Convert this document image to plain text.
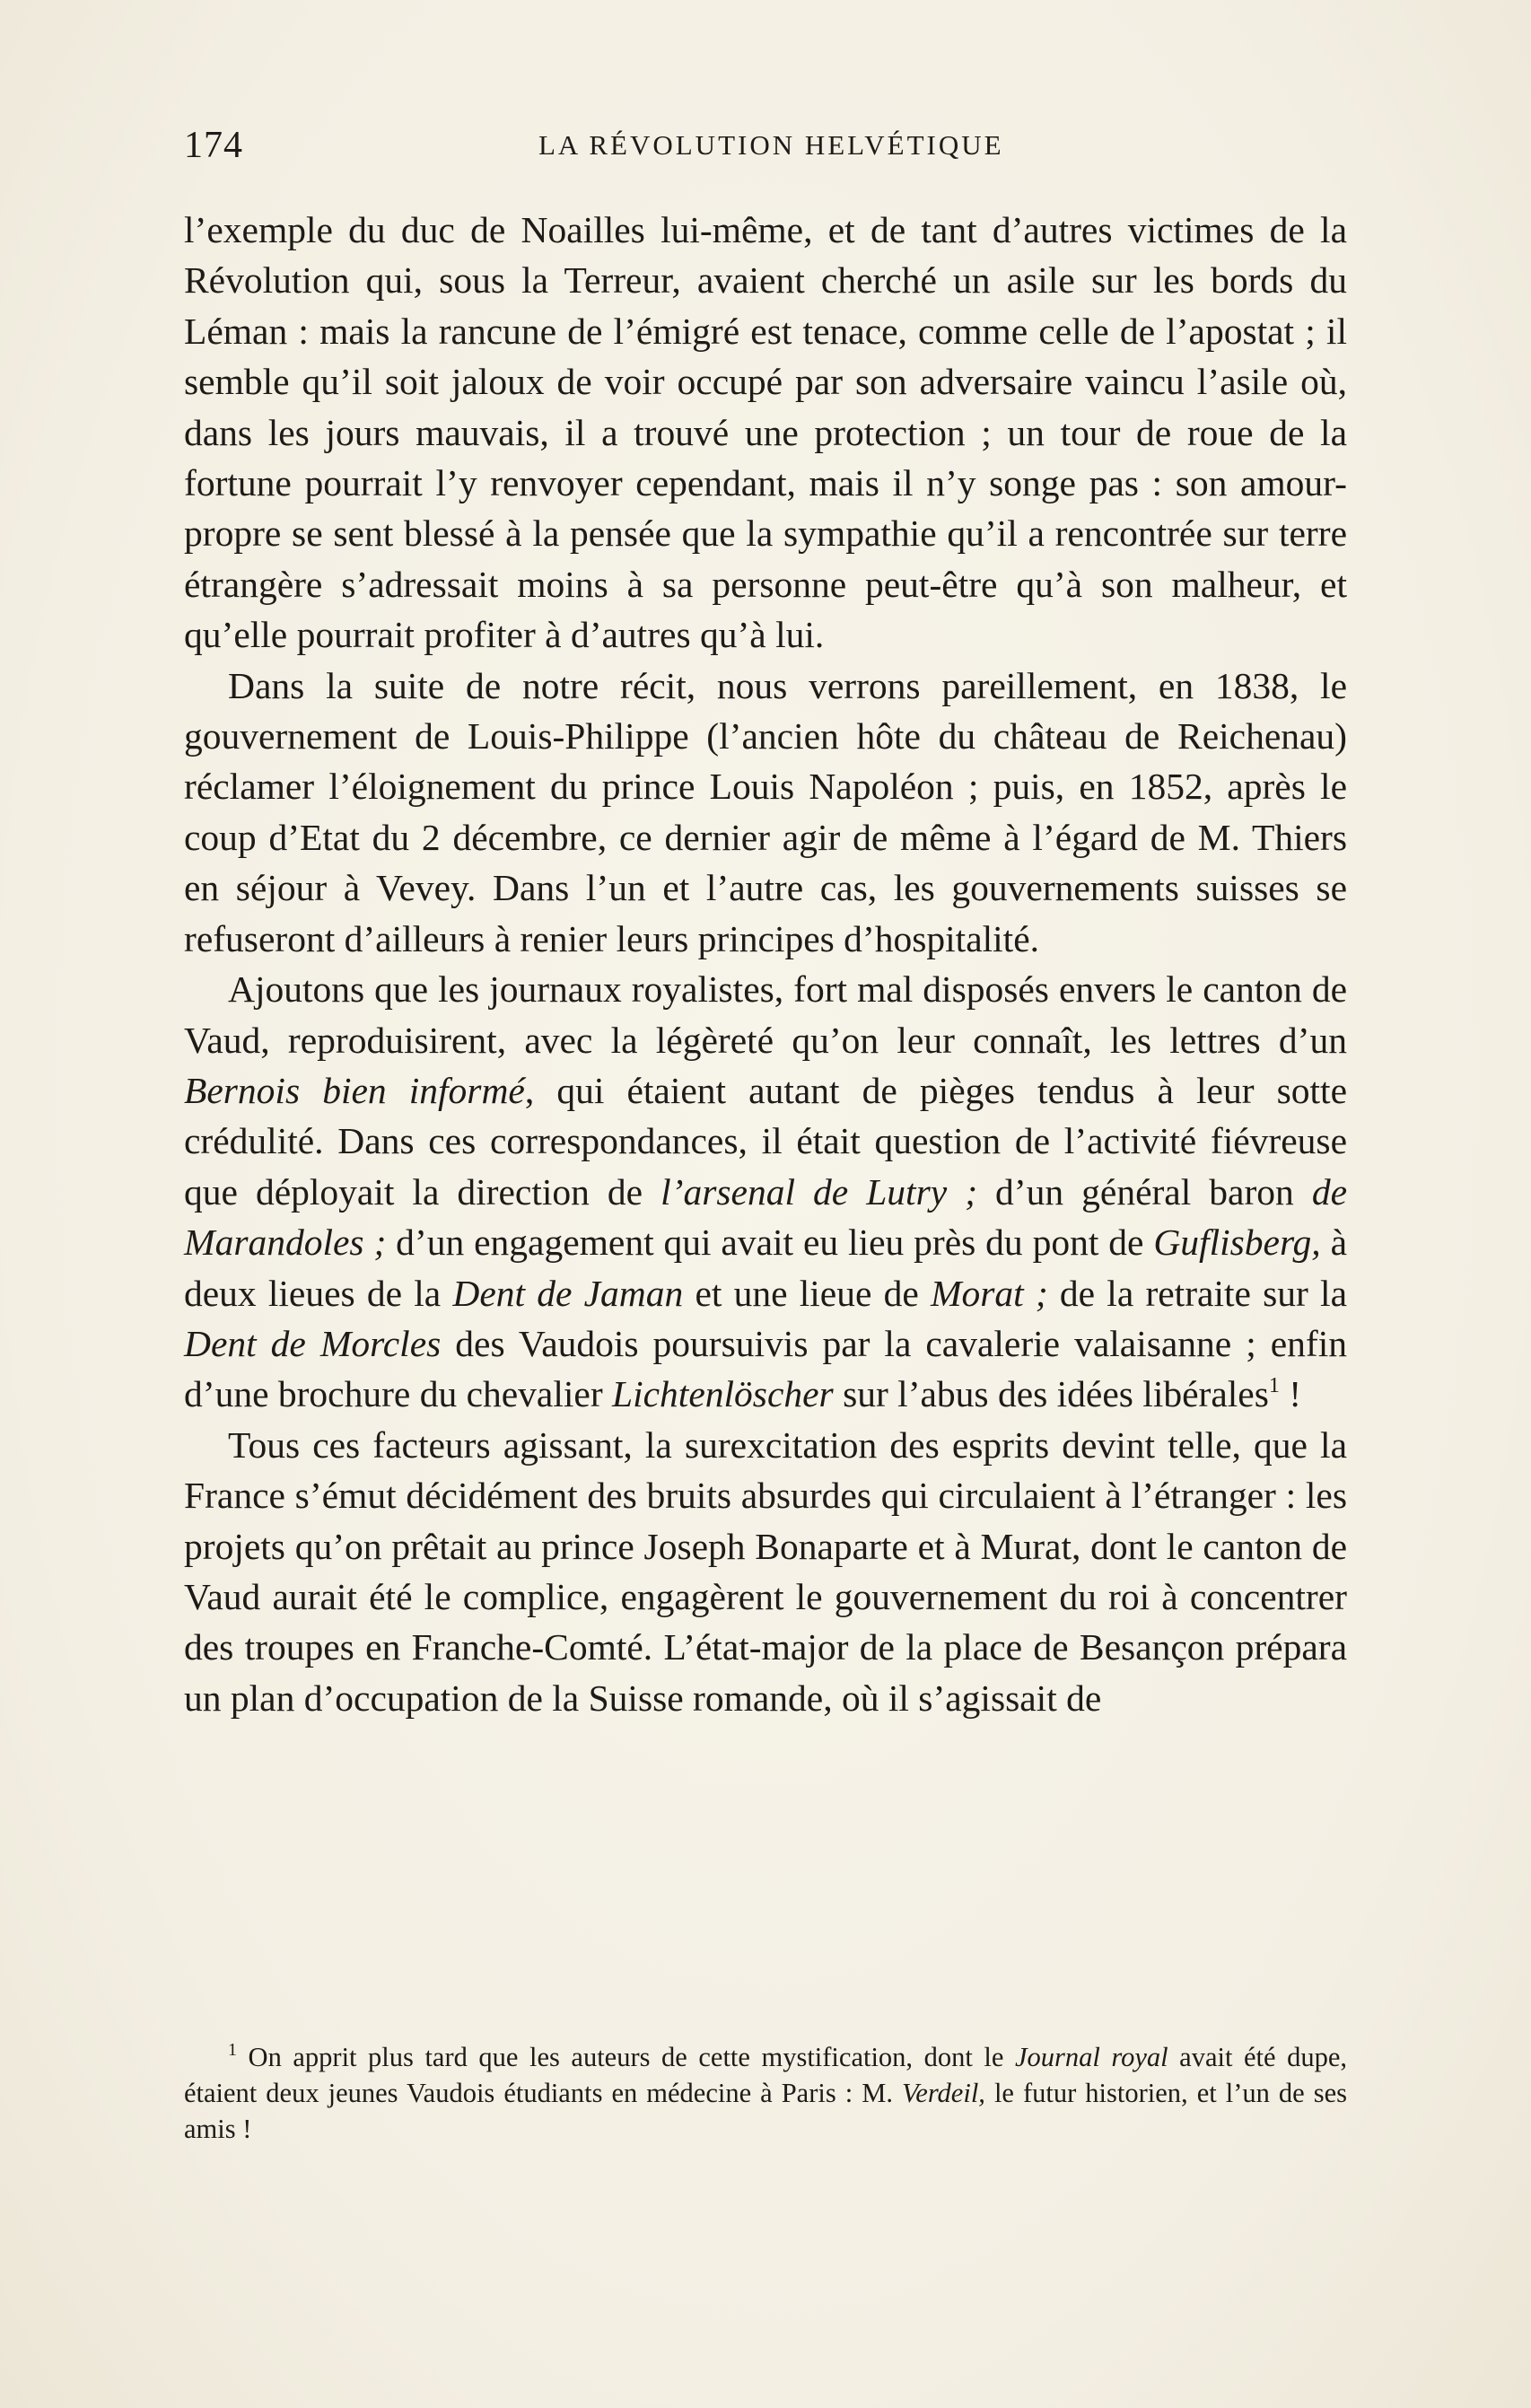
174	LA RÉVOLUTION HELVÉTIQUE

l’exemple du duc de Noailles lui-même, et de tant d’autres victimes de la Révolution qui, sous la Terreur, avaient cherché un asile sur les bords du Léman : mais la rancune de l’émigré est tenace, comme celle de l’apostat ; il semble qu’il soit jaloux de voir occupé par son adversaire vaincu l’asile où, dans les jours mauvais, il a trouvé une protection ; un tour de roue de la fortune pourrait l’y renvoyer cependant, mais il n’y songe pas : son amour-propre se sent blessé à la pensée que la sympathie qu’il a rencontrée sur terre étrangère s’adressait moins à sa personne peut-être qu’à son malheur, et qu’elle pourrait profiter à d’autres qu’à lui.

Dans la suite de notre récit, nous verrons pareillement, en 1838, le gouvernement de Louis-Philippe (l’ancien hôte du château de Reichenau) réclamer l’éloignement du prince Louis Napoléon ; puis, en 1852, après le coup d’Etat du 2 décembre, ce dernier agir de même à l’égard de M. Thiers en séjour à Vevey. Dans l’un et l’autre cas, les gouvernements suisses se refuseront d’ailleurs à renier leurs principes d’hospitalité.

Ajoutons que les journaux royalistes, fort mal disposés envers le canton de Vaud, reproduisirent, avec la légèreté qu’on leur connaît, les lettres d’un Bernois bien informé, qui étaient autant de pièges tendus à leur sotte crédulité. Dans ces correspondances, il était question de l’activité fiévreuse que déployait la direction de l’arsenal de Lutry ; d’un général baron de Marandoles ; d’un engagement qui avait eu lieu près du pont de Guflisberg, à deux lieues de la Dent de Jaman et une lieue de Morat ; de la retraite sur la Dent de Morcles des Vaudois poursuivis par la cavalerie valaisanne ; enfin d’une brochure du chevalier Lichtenlöscher sur l’abus des idées libérales$^1$ !

Tous ces facteurs agissant, la surexcitation des esprits devint telle, que la France s’émut décidément des bruits absurdes qui circulaient à l’étranger : les projets qu’on prêtait au prince Joseph Bonaparte et à Murat, dont le canton de Vaud aurait été le complice, engagèrent le gouvernement du roi à concentrer des troupes en Franche-Comté. L’état-major de la place de Besançon prépara un plan d’occupation de la Suisse romande, où il s’agissait de

$^1$ On apprit plus tard que les auteurs de cette mystification, dont le Journal royal avait été dupe, étaient deux jeunes Vaudois étudiants en médecine à Paris : M. Verdeil, le futur historien, et l’un de ses amis !
